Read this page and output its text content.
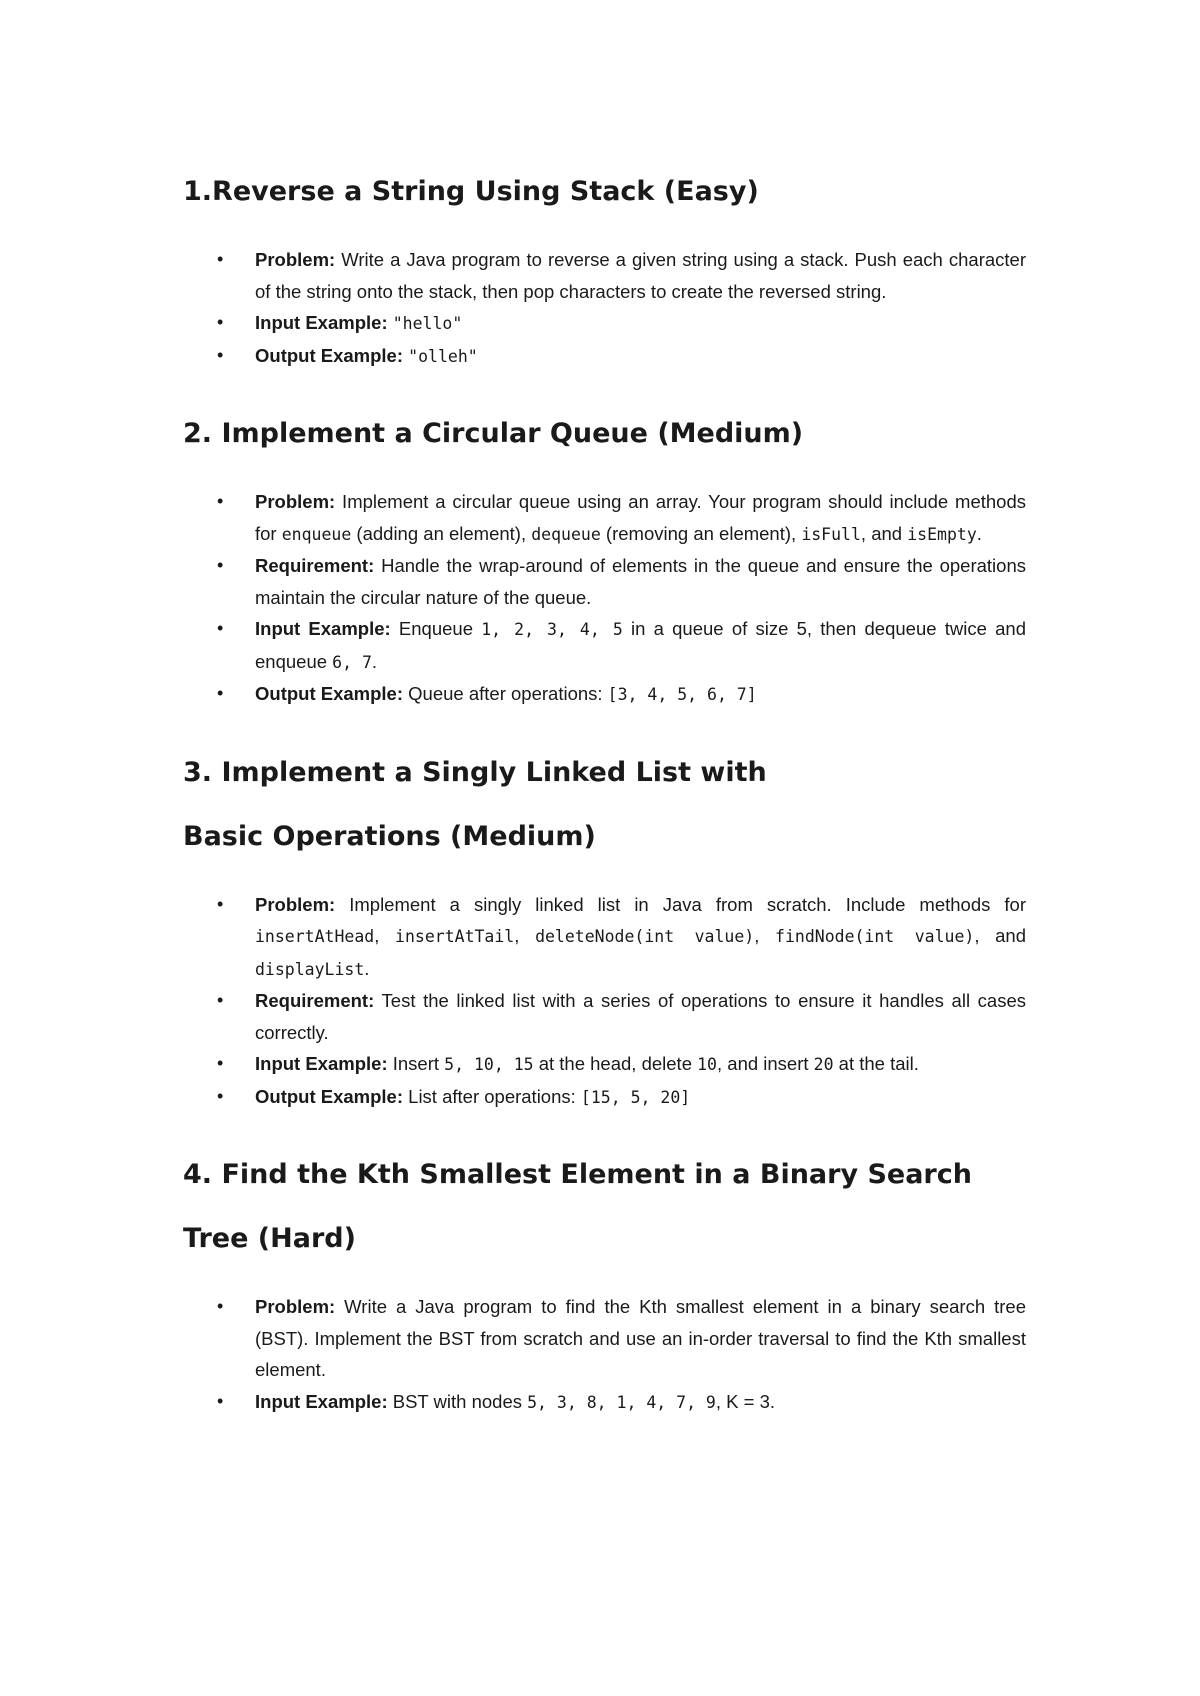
1.Reverse a String Using Stack (Easy)
• Problem: Write a Java program to reverse a given string using a stack. Push each character of the string onto the stack, then pop characters to create the reversed string.
• Input Example: "hello"
• Output Example: "olleh"
2. Implement a Circular Queue (Medium)
• Problem: Implement a circular queue using an array. Your program should include methods for enqueue (adding an element), dequeue (removing an element), isFull, and isEmpty.
• Requirement: Handle the wrap-around of elements in the queue and ensure the operations maintain the circular nature of the queue.
• Input Example: Enqueue 1, 2, 3, 4, 5 in a queue of size 5, then dequeue twice and enqueue 6, 7.
• Output Example: Queue after operations: [3, 4, 5, 6, 7]
3. Implement a Singly Linked List with Basic Operations (Medium)
• Problem: Implement a singly linked list in Java from scratch. Include methods for insertAtHead, insertAtTail, deleteNode(int value), findNode(int value), and displayList.
• Requirement: Test the linked list with a series of operations to ensure it handles all cases correctly.
• Input Example: Insert 5, 10, 15 at the head, delete 10, and insert 20 at the tail.
• Output Example: List after operations: [15, 5, 20]
4. Find the Kth Smallest Element in a Binary Search Tree (Hard)
• Problem: Write a Java program to find the Kth smallest element in a binary search tree (BST). Implement the BST from scratch and use an in-order traversal to find the Kth smallest element.
• Input Example: BST with nodes 5, 3, 8, 1, 4, 7, 9, K = 3.
